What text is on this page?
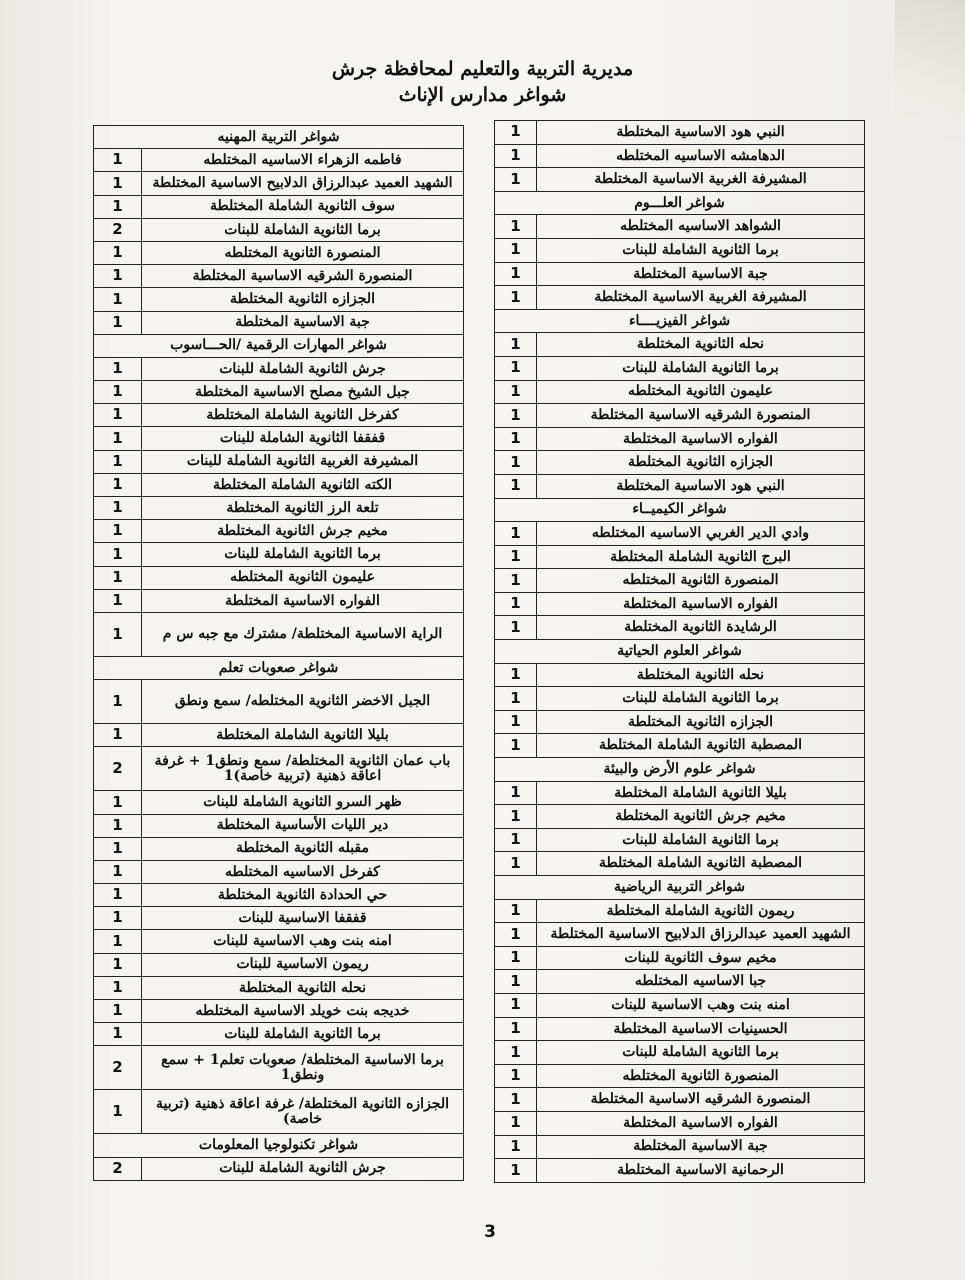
مديرية التربية والتعليم لمحافظة جرش
شواغر مدارس الإناث
شواغر التربية المهنيه	
1	فاطمه الزهراء الاساسيه المختلطه
1	الشهيد العميد عبدالرزاق الدلابيح الاساسية المختلطة
1	سوف الثانوية الشاملة المختلطة
2	برما الثانوية الشاملة للبنات
1	المنصورة الثانوية المختلطه
1	المنصورة الشرقيه الاساسية المختلطة
1	الجزازه الثانوية المختلطة
1	جبة الاساسية المختلطة
شواغر المهارات الرقمية /الحـــاسوب	
1	جرش الثانوية الشاملة للبنات
1	جبل الشيخ مصلح الاساسية المختلطة
1	كفرخل الثانوية الشاملة المختلطة
1	قفقفا الثانوية الشاملة للبنات
1	المشيرفة الغربية الثانوية الشاملة للبنات
1	الكته الثانوية الشاملة المختلطة
1	تلعة الرز الثانوية المختلطة
1	مخيم جرش الثانوية المختلطة
1	برما الثانوية الشاملة للبنات
1	عليمون الثانوية المختلطه
1	الفواره الاساسية المختلطة
1	الراية الاساسية المختلطة/ مشترك مع جبه س م
شواغر صعوبات تعلم	
1	الجبل الاخضر الثانوية المختلطه/ سمع ونطق
1	بليلا الثانوية الشاملة المختلطة
2	باب عمان الثانوية المختلطة/ سمع ونطق1 + غرفة اعاقة ذهنية (تربية خاصة)1
1	ظهر السرو الثانوية الشاملة للبنات
1	دير الليات الأساسية المختلطة
1	مقبله الثانوية المختلطة
1	كفرخل الاساسيه المختلطه
1	حي الحدادة الثانوية المختلطة
1	قفقفا الاساسية للبنات
1	امنه بنت وهب الاساسية للبنات
1	ريمون الاساسية للبنات
1	نحله الثانوية المختلطة
1	خديجه بنت خويلد الاساسية المختلطه
1	برما الثانوية الشاملة للبنات
2	برما الاساسية المختلطة/ صعوبات تعلم1 + سمع ونطق1
1	الجزازه الثانوية المختلطة/ غرفة اعاقة ذهنية (تربية خاصة)
شواغر تكنولوجيا المعلومات	
2	جرش الثانوية الشاملة للبنات
1	النبي هود الاساسية المختلطة
1	الدهامشه الاساسيه المختلطه
1	المشيرفة الغربية الاساسية المختلطة
شواغر العلـــوم	
1	الشواهد الاساسيه المختلطه
1	برما الثانوية الشاملة للبنات
1	جبة الاساسية المختلطة
1	المشيرفة الغربية الاساسية المختلطة
شواغر الفيزيــــاء	
1	نحله الثانوية المختلطة
1	برما الثانوية الشاملة للبنات
1	عليمون الثانوية المختلطه
1	المنصورة الشرقيه الاساسية المختلطة
1	الفواره الاساسية المختلطة
1	الجزازه الثانوية المختلطة
1	النبي هود الاساسية المختلطة
شواغر الكيميــاء	
1	وادي الدير الغربي الاساسيه المختلطه
1	البرج الثانوية الشاملة المختلطة
1	المنصورة الثانوية المختلطه
1	الفواره الاساسية المختلطة
1	الرشايدة الثانوية المختلطة
شواغر العلوم الحياتية	
1	نحله الثانوية المختلطة
1	برما الثانوية الشاملة للبنات
1	الجزازه الثانوية المختلطة
1	المصطبة الثانوية الشاملة المختلطة
شواغر علوم الأرض والبيئة	
1	بليلا الثانوية الشاملة المختلطة
1	مخيم جرش الثانوية المختلطة
1	برما الثانوية الشاملة للبنات
1	المصطبة الثانوية الشاملة المختلطة
شواغر التربية الرياضية	
1	ريمون الثانوية الشاملة المختلطة
1	الشهيد العميد عبدالرزاق الدلابيح الاساسية المختلطة
1	مخيم سوف الثانوية للبنات
1	جبا الاساسيه المختلطه
1	امنه بنت وهب الاساسية للبنات
1	الحسينيات الاساسية المختلطة
1	برما الثانوية الشاملة للبنات
1	المنصورة الثانوية المختلطه
1	المنصورة الشرقيه الاساسية المختلطة
1	الفواره الاساسية المختلطة
1	جبة الاساسية المختلطة
1	الرحمانية الاساسية المختلطة
3
